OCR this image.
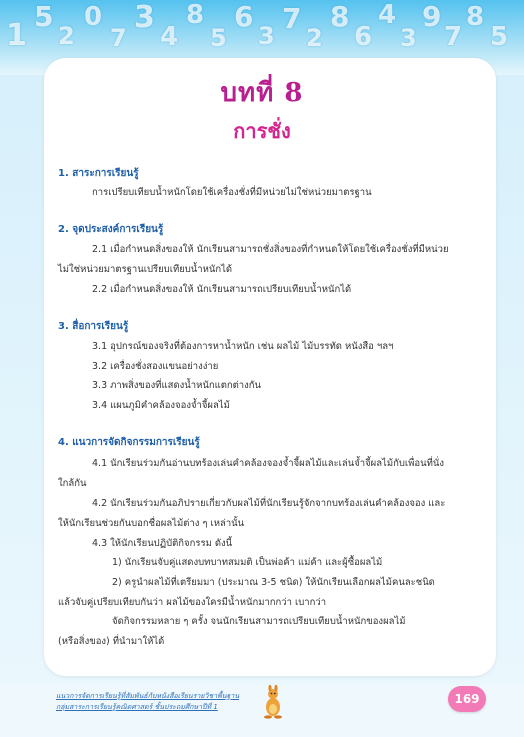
1
5
2
0
7
3
4
8
5
6
3
7
2
8
6
4
3
9
7
8
5
บทที่ 8
การชั่ง
1. สาระการเรียนรู้
การเปรียบเทียบน้ำหนักโดยใช้เครื่องชั่งที่มีหน่วยไม่ใช่หน่วยมาตรฐาน
2. จุดประสงค์การเรียนรู้
2.1 เมื่อกำหนดสิ่งของให้ นักเรียนสามารถชั่งสิ่งของที่กำหนดให้โดยใช้เครื่องชั่งที่มีหน่วย
ไม่ใช่หน่วยมาตรฐานเปรียบเทียบน้ำหนักได้
2.2 เมื่อกำหนดสิ่งของให้ นักเรียนสามารถเปรียบเทียบน้ำหนักได้
3. สื่อการเรียนรู้
3.1 อุปกรณ์ของจริงที่ต้องการหาน้ำหนัก เช่น ผลไม้ ไม้บรรทัด หนังสือ ฯลฯ
3.2 เครื่องชั่งสองแขนอย่างง่าย
3.3 ภาพสิ่งของที่แสดงน้ำหนักแตกต่างกัน
3.4 แผนภูมิคำคล้องจองจ้ำจี้ผลไม้
4. แนวการจัดกิจกรรมการเรียนรู้
4.1 นักเรียนร่วมกันอ่านบทร้องเล่นคำคล้องจองจ้ำจี้ผลไม้และเล่นจ้ำจี้ผลไม้กับเพื่อนที่นั่ง
ใกล้กัน
4.2 นักเรียนร่วมกันอภิปรายเกี่ยวกับผลไม้ที่นักเรียนรู้จักจากบทร้องเล่นคำคล้องจอง และ
ให้นักเรียนช่วยกันบอกชื่อผลไม้ต่าง ๆ เหล่านั้น
4.3 ให้นักเรียนปฏิบัติกิจกรรม ดังนี้
1) นักเรียนจับคู่แสดงบทบาทสมมติ เป็นพ่อค้า แม่ค้า และผู้ซื้อผลไม้
2) ครูนำผลไม้ที่เตรียมมา (ประมาณ 3-5 ชนิด) ให้นักเรียนเลือกผลไม้คนละชนิด
แล้วจับคู่เปรียบเทียบกันว่า ผลไม้ของใครมีน้ำหนักมากกว่า เบากว่า
จัดกิจกรรมหลาย ๆ ครั้ง จนนักเรียนสามารถเปรียบเทียบน้ำหนักของผลไม้
(หรือสิ่งของ) ที่นำมาให้ได้
แนวการจัดการเรียนรู้ที่สัมพันธ์กับหนังสือเรียนรายวิชาพื้นฐาน
กลุ่มสาระการเรียนรู้คณิตศาสตร์ ชั้นประถมศึกษาปีที่ 1
169
